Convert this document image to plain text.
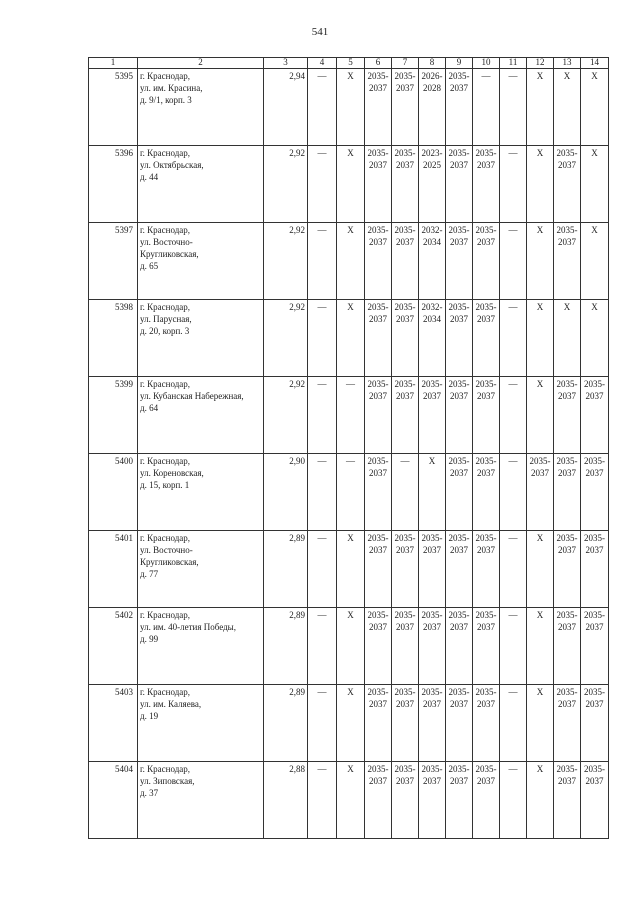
541
1	2	3	4	5	6	7	8	9	10	11	12	13	14

5395	г. Краснодар,
ул. им. Красина,
д. 9/1, корп. 3	2,94	—	X	2035-
2037	2035-
2037	2026-
2028	2035-
2037	—	—	X	X	X

5396	г. Краснодар,
ул. Октябрьская,
д. 44	2,92	—	X	2035-
2037	2035-
2037	2023-
2025	2035-
2037	2035-
2037	—	X	2035-
2037	X

5397	г. Краснодар,
ул. Восточно-
Кругликовская,
д. 65	2,92	—	X	2035-
2037	2035-
2037	2032-
2034	2035-
2037	2035-
2037	—	X	2035-
2037	X

5398	г. Краснодар,
ул. Парусная,
д. 20, корп. 3	2,92	—	X	2035-
2037	2035-
2037	2032-
2034	2035-
2037	2035-
2037	—	X	X	X

5399	г. Краснодар,
ул. Кубанская Набережная,
д. 64	2,92	—	—	2035-
2037	2035-
2037	2035-
2037	2035-
2037	2035-
2037	—	X	2035-
2037	2035-
2037

5400	г. Краснодар,
ул. Кореновская,
д. 15, корп. 1	2,90	—	—	2035-
2037	—	X	2035-
2037	2035-
2037	—	2035-
2037	2035-
2037	2035-
2037

5401	г. Краснодар,
ул. Восточно-
Кругликовская,
д. 77	2,89	—	X	2035-
2037	2035-
2037	2035-
2037	2035-
2037	2035-
2037	—	X	2035-
2037	2035-
2037

5402	г. Краснодар,
ул. им. 40-летия Победы,
д. 99	2,89	—	X	2035-
2037	2035-
2037	2035-
2037	2035-
2037	2035-
2037	—	X	2035-
2037	2035-
2037

5403	г. Краснодар,
ул. им. Каляева,
д. 19	2,89	—	X	2035-
2037	2035-
2037	2035-
2037	2035-
2037	2035-
2037	—	X	2035-
2037	2035-
2037

5404	г. Краснодар,
ул. Зиповская,
д. 37	2,88	—	X	2035-
2037	2035-
2037	2035-
2037	2035-
2037	2035-
2037	—	X	2035-
2037	2035-
2037
